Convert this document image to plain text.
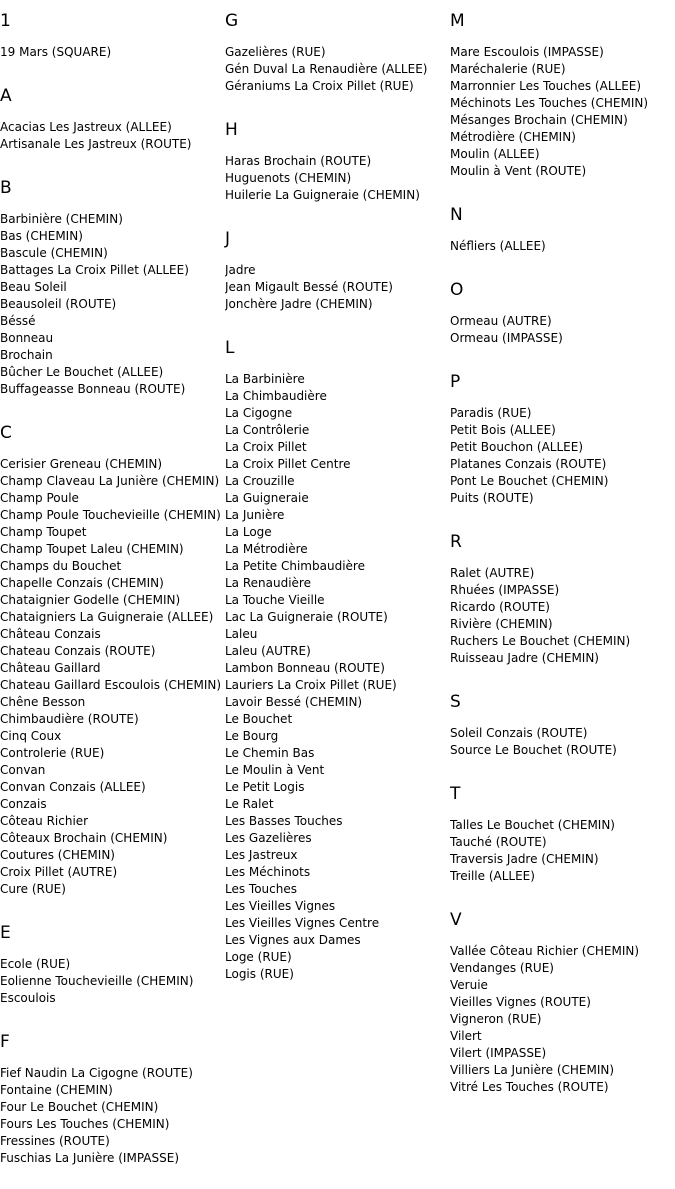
1
19 Mars (SQUARE)
A
Acacias Les Jastreux (ALLEE)
Artisanale Les Jastreux (ROUTE)
B
Barbinière (CHEMIN)
Bas (CHEMIN)
Bascule (CHEMIN)
Battages La Croix Pillet (ALLEE)
Beau Soleil
Beausoleil (ROUTE)
Béssé
Bonneau
Brochain
Bûcher Le Bouchet (ALLEE)
Buffageasse Bonneau (ROUTE)
C
Cerisier Greneau (CHEMIN)
Champ Claveau La Junière (CHEMIN)
Champ Poule
Champ Poule Touchevieille (CHEMIN)
Champ Toupet
Champ Toupet Laleu (CHEMIN)
Champs du Bouchet
Chapelle Conzais (CHEMIN)
Chataignier Godelle (CHEMIN)
Chataigniers La Guigneraie (ALLEE)
Château Conzais
Chateau Conzais (ROUTE)
Château Gaillard
Chateau Gaillard Escoulois (CHEMIN)
Chêne Besson
Chimbaudière (ROUTE)
Cinq Coux
Controlerie (RUE)
Convan
Convan Conzais (ALLEE)
Conzais
Côteau Richier
Côteaux Brochain (CHEMIN)
Coutures (CHEMIN)
Croix Pillet (AUTRE)
Cure (RUE)
E
Ecole (RUE)
Eolienne Touchevieille (CHEMIN)
Escoulois
F
Fief Naudin La Cigogne (ROUTE)
Fontaine (CHEMIN)
Four Le Bouchet (CHEMIN)
Fours Les Touches (CHEMIN)
Fressines (ROUTE)
Fuschias La Junière (IMPASSE)
G
Gazelières (RUE)
Gén Duval La Renaudière (ALLEE)
Géraniums La Croix Pillet (RUE)
H
Haras Brochain (ROUTE)
Huguenots (CHEMIN)
Huilerie La Guigneraie (CHEMIN)
J
Jadre
Jean Migault Bessé (ROUTE)
Jonchère Jadre (CHEMIN)
L
La Barbinière
La Chimbaudière
La Cigogne
La Contrôlerie
La Croix Pillet
La Croix Pillet Centre
La Crouzille
La Guigneraie
La Junière
La Loge
La Métrodière
La Petite Chimbaudière
La Renaudière
La Touche Vieille
Lac La Guigneraie (ROUTE)
Laleu
Laleu (AUTRE)
Lambon Bonneau (ROUTE)
Lauriers La Croix Pillet (RUE)
Lavoir Bessé (CHEMIN)
Le Bouchet
Le Bourg
Le Chemin Bas
Le Moulin à Vent
Le Petit Logis
Le Ralet
Les Basses Touches
Les Gazelières
Les Jastreux
Les Méchinots
Les Touches
Les Vieilles Vignes
Les Vieilles Vignes Centre
Les Vignes aux Dames
Loge (RUE)
Logis (RUE)
M
Mare Escoulois (IMPASSE)
Maréchalerie (RUE)
Marronnier Les Touches (ALLEE)
Méchinots Les Touches (CHEMIN)
Mésanges Brochain (CHEMIN)
Métrodière (CHEMIN)
Moulin (ALLEE)
Moulin à Vent (ROUTE)
N
Néfliers (ALLEE)
O
Ormeau (AUTRE)
Ormeau (IMPASSE)
P
Paradis (RUE)
Petit Bois (ALLEE)
Petit Bouchon (ALLEE)
Platanes Conzais (ROUTE)
Pont Le Bouchet (CHEMIN)
Puits (ROUTE)
R
Ralet (AUTRE)
Rhuées (IMPASSE)
Ricardo (ROUTE)
Rivière (CHEMIN)
Ruchers Le Bouchet (CHEMIN)
Ruisseau Jadre (CHEMIN)
S
Soleil Conzais (ROUTE)
Source Le Bouchet (ROUTE)
T
Talles Le Bouchet (CHEMIN)
Tauché (ROUTE)
Traversis Jadre (CHEMIN)
Treille (ALLEE)
V
Vallée Côteau Richier (CHEMIN)
Vendanges (RUE)
Veruie
Vieilles Vignes (ROUTE)
Vigneron (RUE)
Vilert
Vilert (IMPASSE)
Villiers La Junière (CHEMIN)
Vitré Les Touches (ROUTE)
